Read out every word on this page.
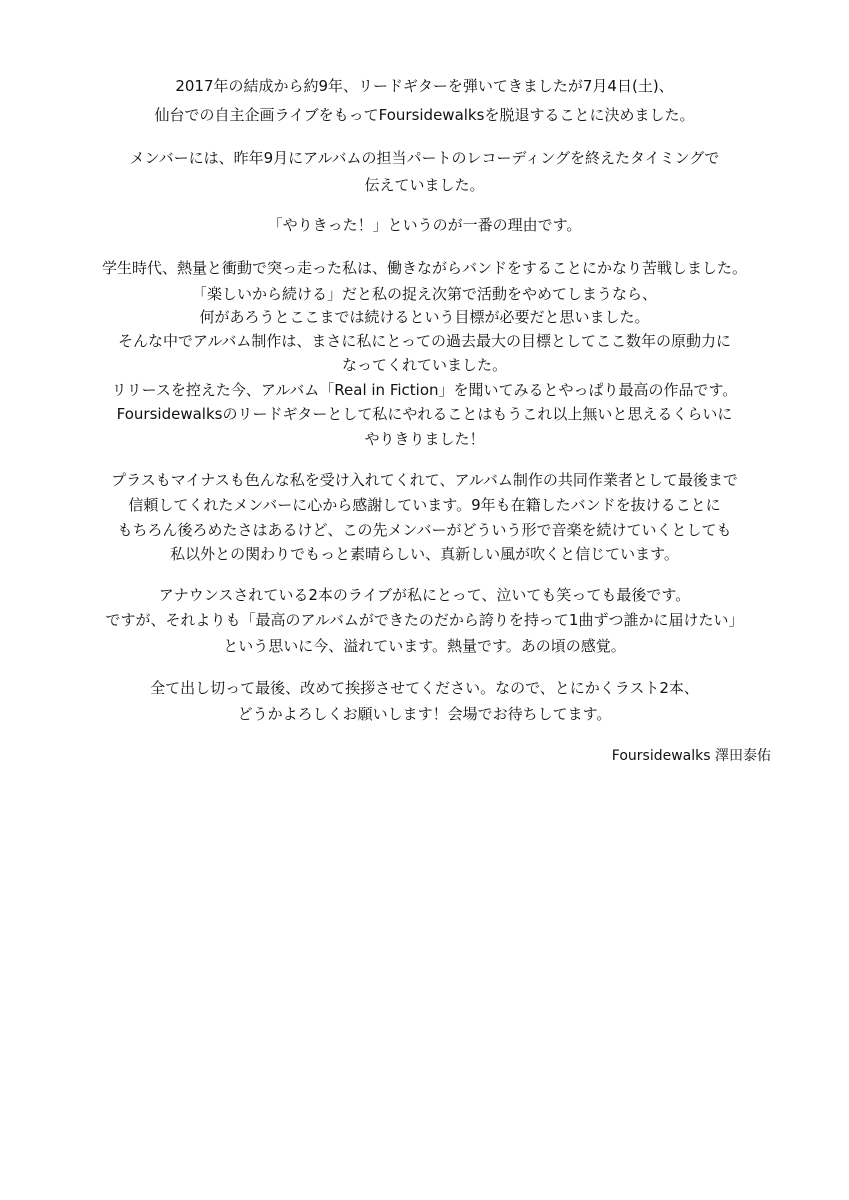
2017年の結成から約9年、リードギターを弾いてきましたが7月4日(土)、
仙台での自主企画ライブをもってFoursidewalksを脱退することに決めました。
メンバーには、昨年9月にアルバムの担当パートのレコーディングを終えたタイミングで
伝えていました。
「やりきった！」というのが一番の理由です。
学生時代、熱量と衝動で突っ走った私は、働きながらバンドをすることにかなり苦戦しました。
「楽しいから続ける」だと私の捉え次第で活動をやめてしまうなら、
何があろうとここまでは続けるという目標が必要だと思いました。
そんな中でアルバム制作は、まさに私にとっての過去最大の目標としてここ数年の原動力に
なってくれていました。
リリースを控えた今、アルバム「Real in Fiction」を聞いてみるとやっぱり最高の作品です。
Foursidewalksのリードギターとして私にやれることはもうこれ以上無いと思えるくらいに
やりきりました！
プラスもマイナスも色んな私を受け入れてくれて、アルバム制作の共同作業者として最後まで
信頼してくれたメンバーに心から感謝しています。9年も在籍したバンドを抜けることに
もちろん後ろめたさはあるけど、この先メンバーがどういう形で音楽を続けていくとしても
私以外との関わりでもっと素晴らしい、真新しい風が吹くと信じています。
アナウンスされている2本のライブが私にとって、泣いても笑っても最後です。
ですが、それよりも「最高のアルバムができたのだから誇りを持って1曲ずつ誰かに届けたい」
という思いに今、溢れています。熱量です。あの頃の感覚。
全て出し切って最後、改めて挨拶させてください。なので、とにかくラスト2本、
どうかよろしくお願いします！会場でお待ちしてます。
Foursidewalks 澤田泰佑
